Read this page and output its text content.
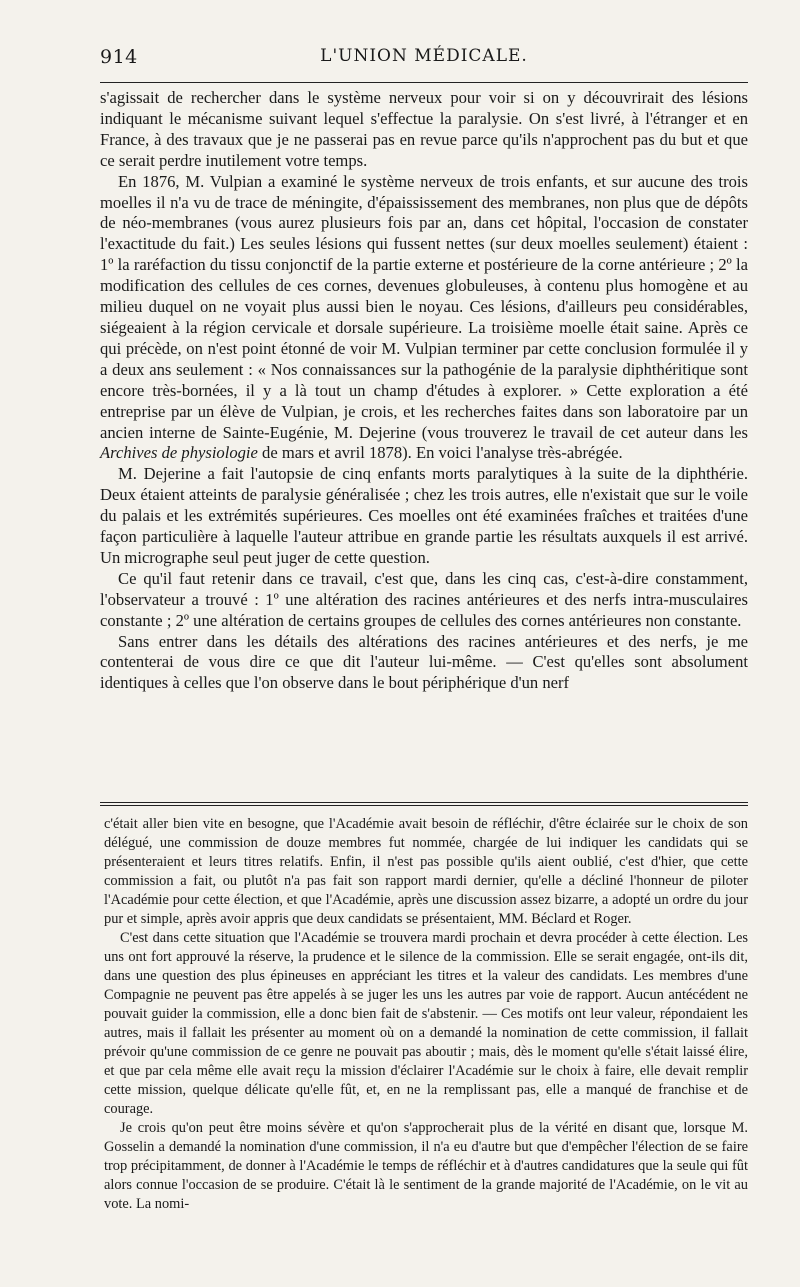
914	L'UNION MÉDICALE.

s'agissait de rechercher dans le système nerveux pour voir si on y découvrirait des lésions indiquant le mécanisme suivant lequel s'effectue la paralysie. On s'est livré, à l'étranger et en France, à des travaux que je ne passerai pas en revue parce qu'ils n'approchent pas du but et que ce serait perdre inutilement votre temps.

En 1876, M. Vulpian a examiné le système nerveux de trois enfants, et sur aucune des trois moelles il n'a vu de trace de méningite, d'épaississement des membranes, non plus que de dépôts de néo-membranes (vous aurez plusieurs fois par an, dans cet hôpital, l'occasion de constater l'exactitude du fait.) Les seules lésions qui fussent nettes (sur deux moelles seulement) étaient : 1º la raréfaction du tissu conjonctif de la partie externe et postérieure de la corne antérieure ; 2º la modification des cellules de ces cornes, devenues globuleuses, à contenu plus homogène et au milieu duquel on ne voyait plus aussi bien le noyau. Ces lésions, d'ailleurs peu considérables, siégeaient à la région cervicale et dorsale supérieure. La troisième moelle était saine. Après ce qui précède, on n'est point étonné de voir M. Vulpian terminer par cette conclusion formulée il y a deux ans seulement : « Nos connaissances sur la pathogénie de la paralysie diphthéritique sont encore très-bornées, il y a là tout un champ d'études à explorer. » Cette exploration a été entreprise par un élève de Vulpian, je crois, et les recherches faites dans son laboratoire par un ancien interne de Sainte-Eugénie, M. Dejerine (vous trouverez le travail de cet auteur dans les Archives de physiologie de mars et avril 1878). En voici l'analyse très-abrégée.

M. Dejerine a fait l'autopsie de cinq enfants morts paralytiques à la suite de la diphthérie. Deux étaient atteints de paralysie généralisée ; chez les trois autres, elle n'existait que sur le voile du palais et les extrémités supérieures. Ces moelles ont été examinées fraîches et traitées d'une façon particulière à laquelle l'auteur attribue en grande partie les résultats auxquels il est arrivé. Un micrographe seul peut juger de cette question.

Ce qu'il faut retenir dans ce travail, c'est que, dans les cinq cas, c'est-à-dire constamment, l'observateur a trouvé : 1º une altération des racines antérieures et des nerfs intra-musculaires constante ; 2º une altération de certains groupes de cellules des cornes antérieures non constante.

Sans entrer dans les détails des altérations des racines antérieures et des nerfs, je me contenterai de vous dire ce que dit l'auteur lui-même. — C'est qu'elles sont absolument identiques à celles que l'on observe dans le bout périphérique d'un nerf

c'était aller bien vite en besogne, que l'Académie avait besoin de réfléchir, d'être éclairée sur le choix de son délégué, une commission de douze membres fut nommée, chargée de lui indiquer les candidats qui se présenteraient et leurs titres relatifs. Enfin, il n'est pas possible qu'ils aient oublié, c'est d'hier, que cette commission a fait, ou plutôt n'a pas fait son rapport mardi dernier, qu'elle a décliné l'honneur de piloter l'Académie pour cette élection, et que l'Académie, après une discussion assez bizarre, a adopté un ordre du jour pur et simple, après avoir appris que deux candidats se présentaient, MM. Béclard et Roger.

C'est dans cette situation que l'Académie se trouvera mardi prochain et devra procéder à cette élection. Les uns ont fort approuvé la réserve, la prudence et le silence de la commission. Elle se serait engagée, ont-ils dit, dans une question des plus épineuses en appréciant les titres et la valeur des candidats. Les membres d'une Compagnie ne peuvent pas être appelés à se juger les uns les autres par voie de rapport. Aucun antécédent ne pouvait guider la commission, elle a donc bien fait de s'abstenir. — Ces motifs ont leur valeur, répondaient les autres, mais il fallait les présenter au moment où on a demandé la nomination de cette commission, il fallait prévoir qu'une commission de ce genre ne pouvait pas aboutir ; mais, dès le moment qu'elle s'était laissé élire, et que par cela même elle avait reçu la mission d'éclairer l'Académie sur le choix à faire, elle devait remplir cette mission, quelque délicate qu'elle fût, et, en ne la remplissant pas, elle a manqué de franchise et de courage.

Je crois qu'on peut être moins sévère et qu'on s'approcherait plus de la vérité en disant que, lorsque M. Gosselin a demandé la nomination d'une commission, il n'a eu d'autre but que d'empêcher l'élection de se faire trop précipitamment, de donner à l'Académie le temps de réfléchir et à d'autres candidatures que la seule qui fût alors connue l'occasion de se produire. C'était là le sentiment de la grande majorité de l'Académie, on le vit au vote. La nomi-
